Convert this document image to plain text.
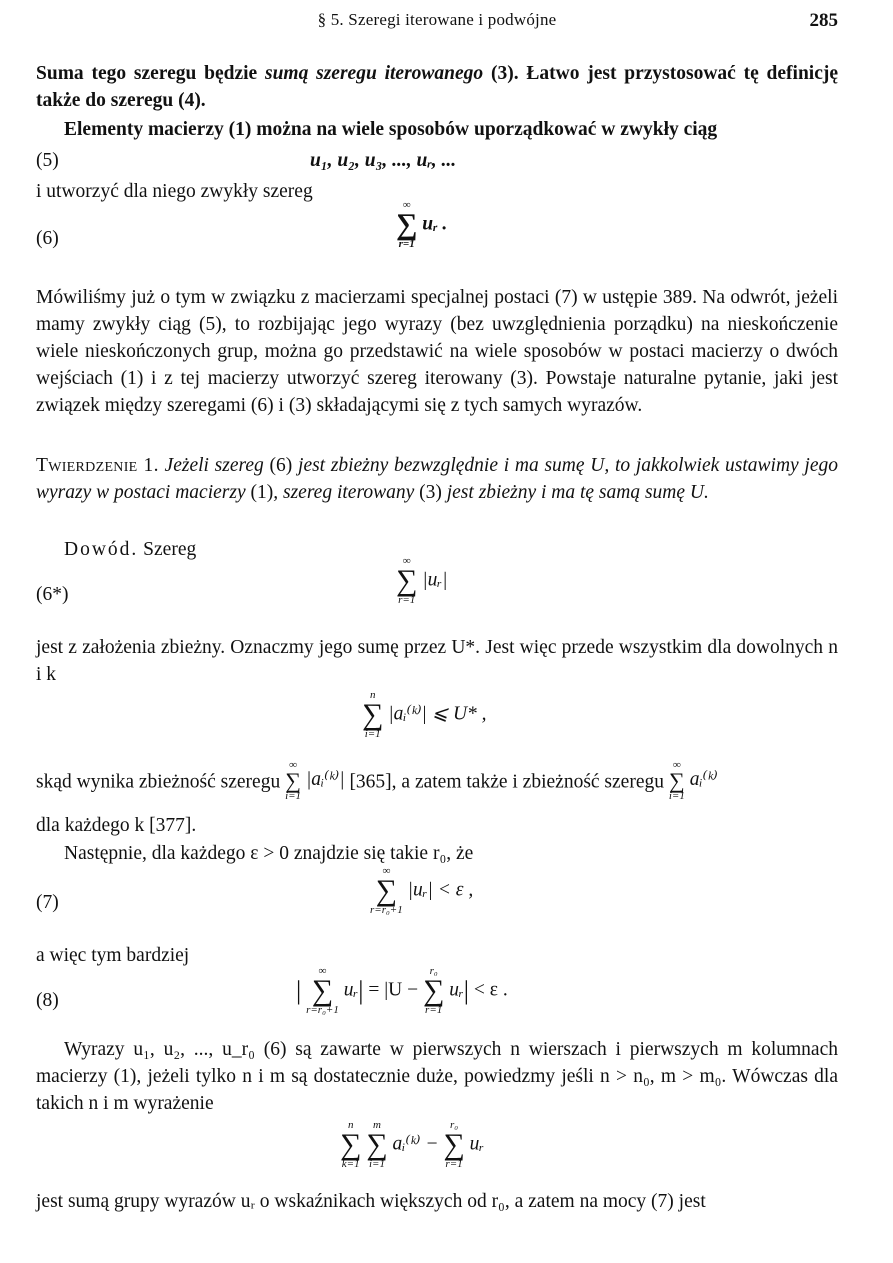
§ 5. Szeregi iterowane i podwójne	285
Suma tego szeregu będzie sumą szeregu iterowanego (3). Łatwo jest przystosować tę definicję także do szeregu (4).
Elementy macierzy (1) można na wiele sposobów uporządkować w zwykły ciąg
(5)	u₁, u₂, u₃, ..., uᵣ, ...
i utworzyć dla niego zwykły szereg
(6)
∞
∑
r=1
uᵣ .
Mówiliśmy już o tym w związku z macierzami specjalnej postaci (7) w ustępie 389. Na odwrót, jeżeli mamy zwykły ciąg (5), to rozbijając jego wyrazy (bez uwzględnienia porządku) na nieskończenie wiele nieskończonych grup, można go przedstawić na wiele sposobów w postaci macierzy o dwóch wejściach (1) i z tej macierzy utworzyć szereg iterowany (3). Powstaje naturalne pytanie, jaki jest związek między szeregami (6) i (3) składającymi się z tych samych wyrazów.
Twierdzenie 1. Jeżeli szereg (6) jest zbieżny bezwzględnie i ma sumę U, to jakkolwiek ustawimy jego wyrazy w postaci macierzy (1), szereg iterowany (3) jest zbieżny i ma tę samą sumę U.
Dowód. Szereg
(6*)
∞
∑
r=1
|uᵣ|
jest z założenia zbieżny. Oznaczmy jego sumę przez U*. Jest więc przede wszystkim dla dowolnych n i k
n
∑
i=1
|aᵢ⁽ᵏ⁾| ⩽ U* ,
skąd wynika zbieżność szeregu
∞
∑
i=1
|aᵢ⁽ᵏ⁾| [365], a zatem także i zbieżność szeregu
∞
∑
i=1
aᵢ⁽ᵏ⁾
dla każdego k [377].
Następnie, dla każdego ε > 0 znajdzie się takie r₀, że
(7)
∞
∑
r=r₀+1
|uᵣ| < ε ,
a więc tym bardziej
(8)	|
∞
∑
r=r₀+1
uᵣ| = |U −
r₀
∑
r=1
uᵣ| < ε .
Wyrazy u₁, u₂, ..., u_r₀ (6) są zawarte w pierwszych n wierszach i pierwszych m kolumnach macierzy (1), jeżeli tylko n i m są dostatecznie duże, powiedzmy jeśli n > n₀, m > m₀. Wówczas dla takich n i m wyrażenie
n
∑
k=1

m
∑
i=1
aᵢ⁽ᵏ⁾ −
r₀
∑
r=1
uᵣ
jest sumą grupy wyrazów uᵣ o wskaźnikach większych od r₀, a zatem na mocy (7) jest
